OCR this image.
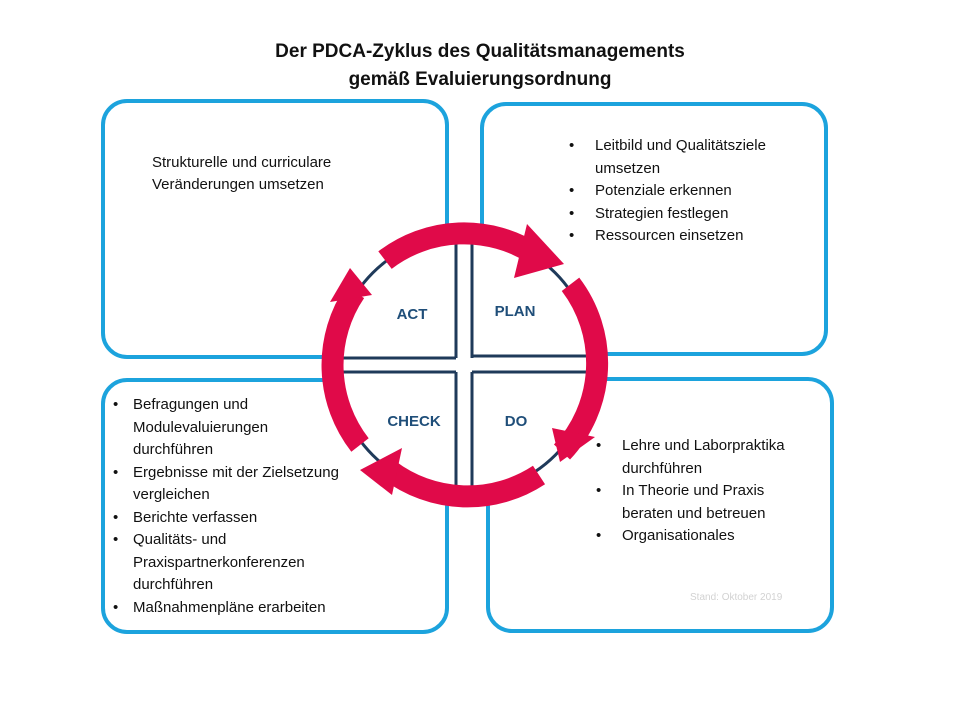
Der PDCA-Zyklus des Qualitätsmanagements
gemäß Evaluierungsordnung
Strukturelle und curriculare
Veränderungen umsetzen
• Leitbild und Qualitätsziele umsetzen
• Potenziale erkennen
• Strategien festlegen
• Ressourcen einsetzen
• Befragungen und Modulevaluierungen durchführen
• Ergebnisse mit der Zielsetzung vergleichen
• Berichte verfassen
• Qualitäts- und Praxispartnerkonferenzen durchführen
• Maßnahmenpläne erarbeiten
• Lehre und Laborpraktika durchführen
• In Theorie und Praxis beraten und betreuen
• Organisationales
Stand: Oktober 2019
ACT	PLAN
CHECK	DO
